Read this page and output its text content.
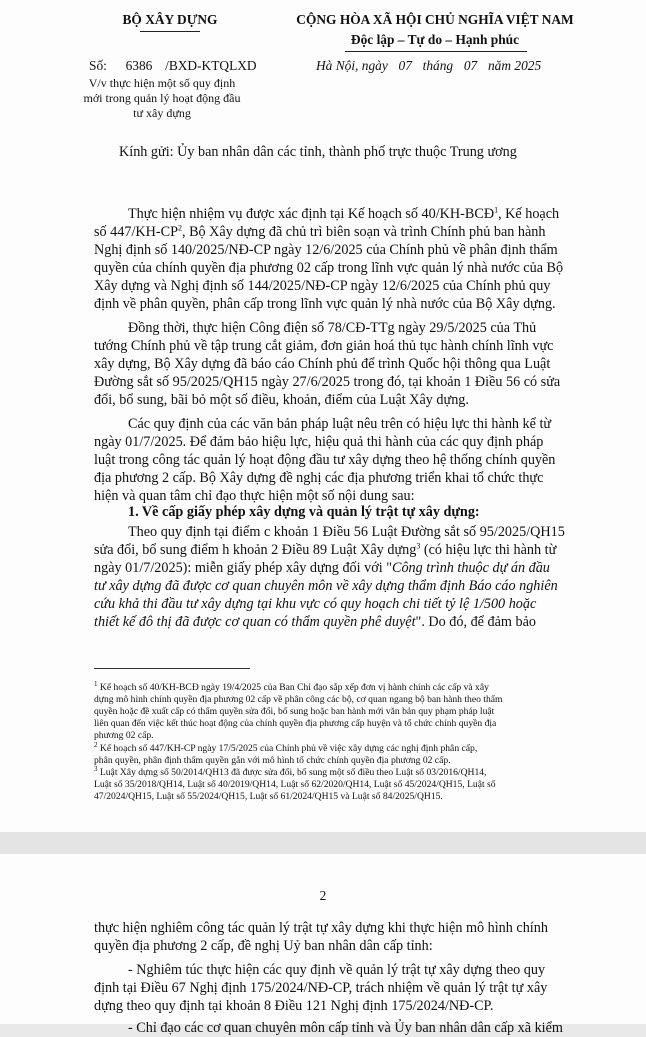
BỘ XÂY DỰNG	CỘNG HÒA XÃ HỘI CHỦ NGHĨA VIỆT NAM
Độc lập – Tự do – Hạnh phúc
Số: 6386 /BXD-KTQLXD	Hà Nội, ngày 07 tháng 07 năm 2025
V/v thực hiện một số quy định
mới trong quản lý hoạt động đầu
tư xây dựng
Kính gửi: Ủy ban nhân dân các tỉnh, thành phố trực thuộc Trung ương
Thực hiện nhiệm vụ được xác định tại Kế hoạch số 40/KH-BCĐ$^1$, Kế hoạch
số $447/KH-CP^2$, Bộ Xây dựng đã chủ trì biên soạn và trình Chính phủ ban hành
Nghị định số 140/2025/NĐ-CP ngày 12/6/2025 của Chính phủ về phân định thẩm
quyền của chính quyền địa phương 02 cấp trong lĩnh vực quản lý nhà nước của Bộ
Xây dựng và Nghị định số 144/2025/NĐ-CP ngày 12/6/2025 của Chính phủ quy
định về phân quyền, phân cấp trong lĩnh vực quản lý nhà nước của Bộ Xây dựng.
Đồng thời, thực hiện Công điện số 78/CĐ-TTg ngày 29/5/2025 của Thủ
tướng Chính phủ về tập trung cắt giảm, đơn giản hoá thủ tục hành chính lĩnh vực
xây dựng, Bộ Xây dựng đã báo cáo Chính phủ để trình Quốc hội thông qua Luật
Đường sắt số 95/2025/QH15 ngày 27/6/2025 trong đó, tại khoản 1 Điều 56 có sửa
đổi, bổ sung, bãi bỏ một số điều, khoản, điểm của Luật Xây dựng.
Các quy định của các văn bản pháp luật nêu trên có hiệu lực thi hành kể từ
ngày 01/7/2025. Để đảm bảo hiệu lực, hiệu quả thi hành của các quy định pháp
luật trong công tác quản lý hoạt động đầu tư xây dựng theo hệ thống chính quyền
địa phương 2 cấp. Bộ Xây dựng đề nghị các địa phương triển khai tổ chức thực
hiện và quan tâm chỉ đạo thực hiện một số nội dung sau:
1. Về cấp giấy phép xây dựng và quản lý trật tự xây dựng:
Theo quy định tại điểm c khoản 1 Điều 56 Luật Đường sắt số 95/2025/QH15
sửa đổi, bổ sung điểm h khoản 2 Điều 89 Luật Xây dựng$^3$ (có hiệu lực thi hành từ
ngày 01/7/2025): miễn giấy phép xây dựng đối với "Công trình thuộc dự án đầu
tư xây dựng đã được cơ quan chuyên môn về xây dựng thẩm định Báo cáo nghiên
cứu khả thi đầu tư xây dựng tại khu vực có quy hoạch chi tiết tỷ lệ 1/500 hoặc
thiết kế đô thị đã được cơ quan có thẩm quyền phê duyệt". Do đó, để đảm bảo
$^1$ Kế hoạch số 40/KH-BCĐ ngày 19/4/2025 của Ban Chỉ đạo sắp xếp đơn vị hành chính các cấp và xây
dựng mô hình chính quyền địa phương 02 cấp về phân công các bộ, cơ quan ngang bộ ban hành theo thẩm
quyền hoặc đề xuất cấp có thẩm quyền sửa đổi, bổ sung hoặc ban hành mới văn bản quy phạm pháp luật
liên quan đến việc kết thúc hoạt động của chính quyền địa phương cấp huyện và tổ chức chính quyền địa
phương 02 cấp.
$^2$ Kế hoạch số 447/KH-CP ngày 17/5/2025 của Chính phủ về việc xây dựng các nghị định phân cấp,
phân quyền, phân định thẩm quyền gắn với mô hình tổ chức chính quyền địa phương 02 cấp.
$^3$ Luật Xây dựng số 50/2014/QH13 đã được sửa đổi, bổ sung một số điều theo Luật số 03/2016/QH14,
Luật số 35/2018/QH14, Luật số 40/2019/QH14, Luật số 62/2020/QH14, Luật số 45/2024/QH15, Luật số
47/2024/QH15, Luật số 55/2024/QH15, Luật số 61/2024/QH15 và Luật số 84/2025/QH15.
2
thực hiện nghiêm công tác quản lý trật tự xây dựng khi thực hiện mô hình chính
quyền địa phương 2 cấp, đề nghị Uỷ ban nhân dân cấp tỉnh:
- Nghiêm túc thực hiện các quy định về quản lý trật tự xây dựng theo quy
định tại Điều 67 Nghị định 175/2024/NĐ-CP, trách nhiệm về quản lý trật tự xây
dựng theo quy định tại khoản 8 Điều 121 Nghị định 175/2024/NĐ-CP.
- Chỉ đạo các cơ quan chuyên môn cấp tỉnh và Ủy ban nhân dân cấp xã kiểm
